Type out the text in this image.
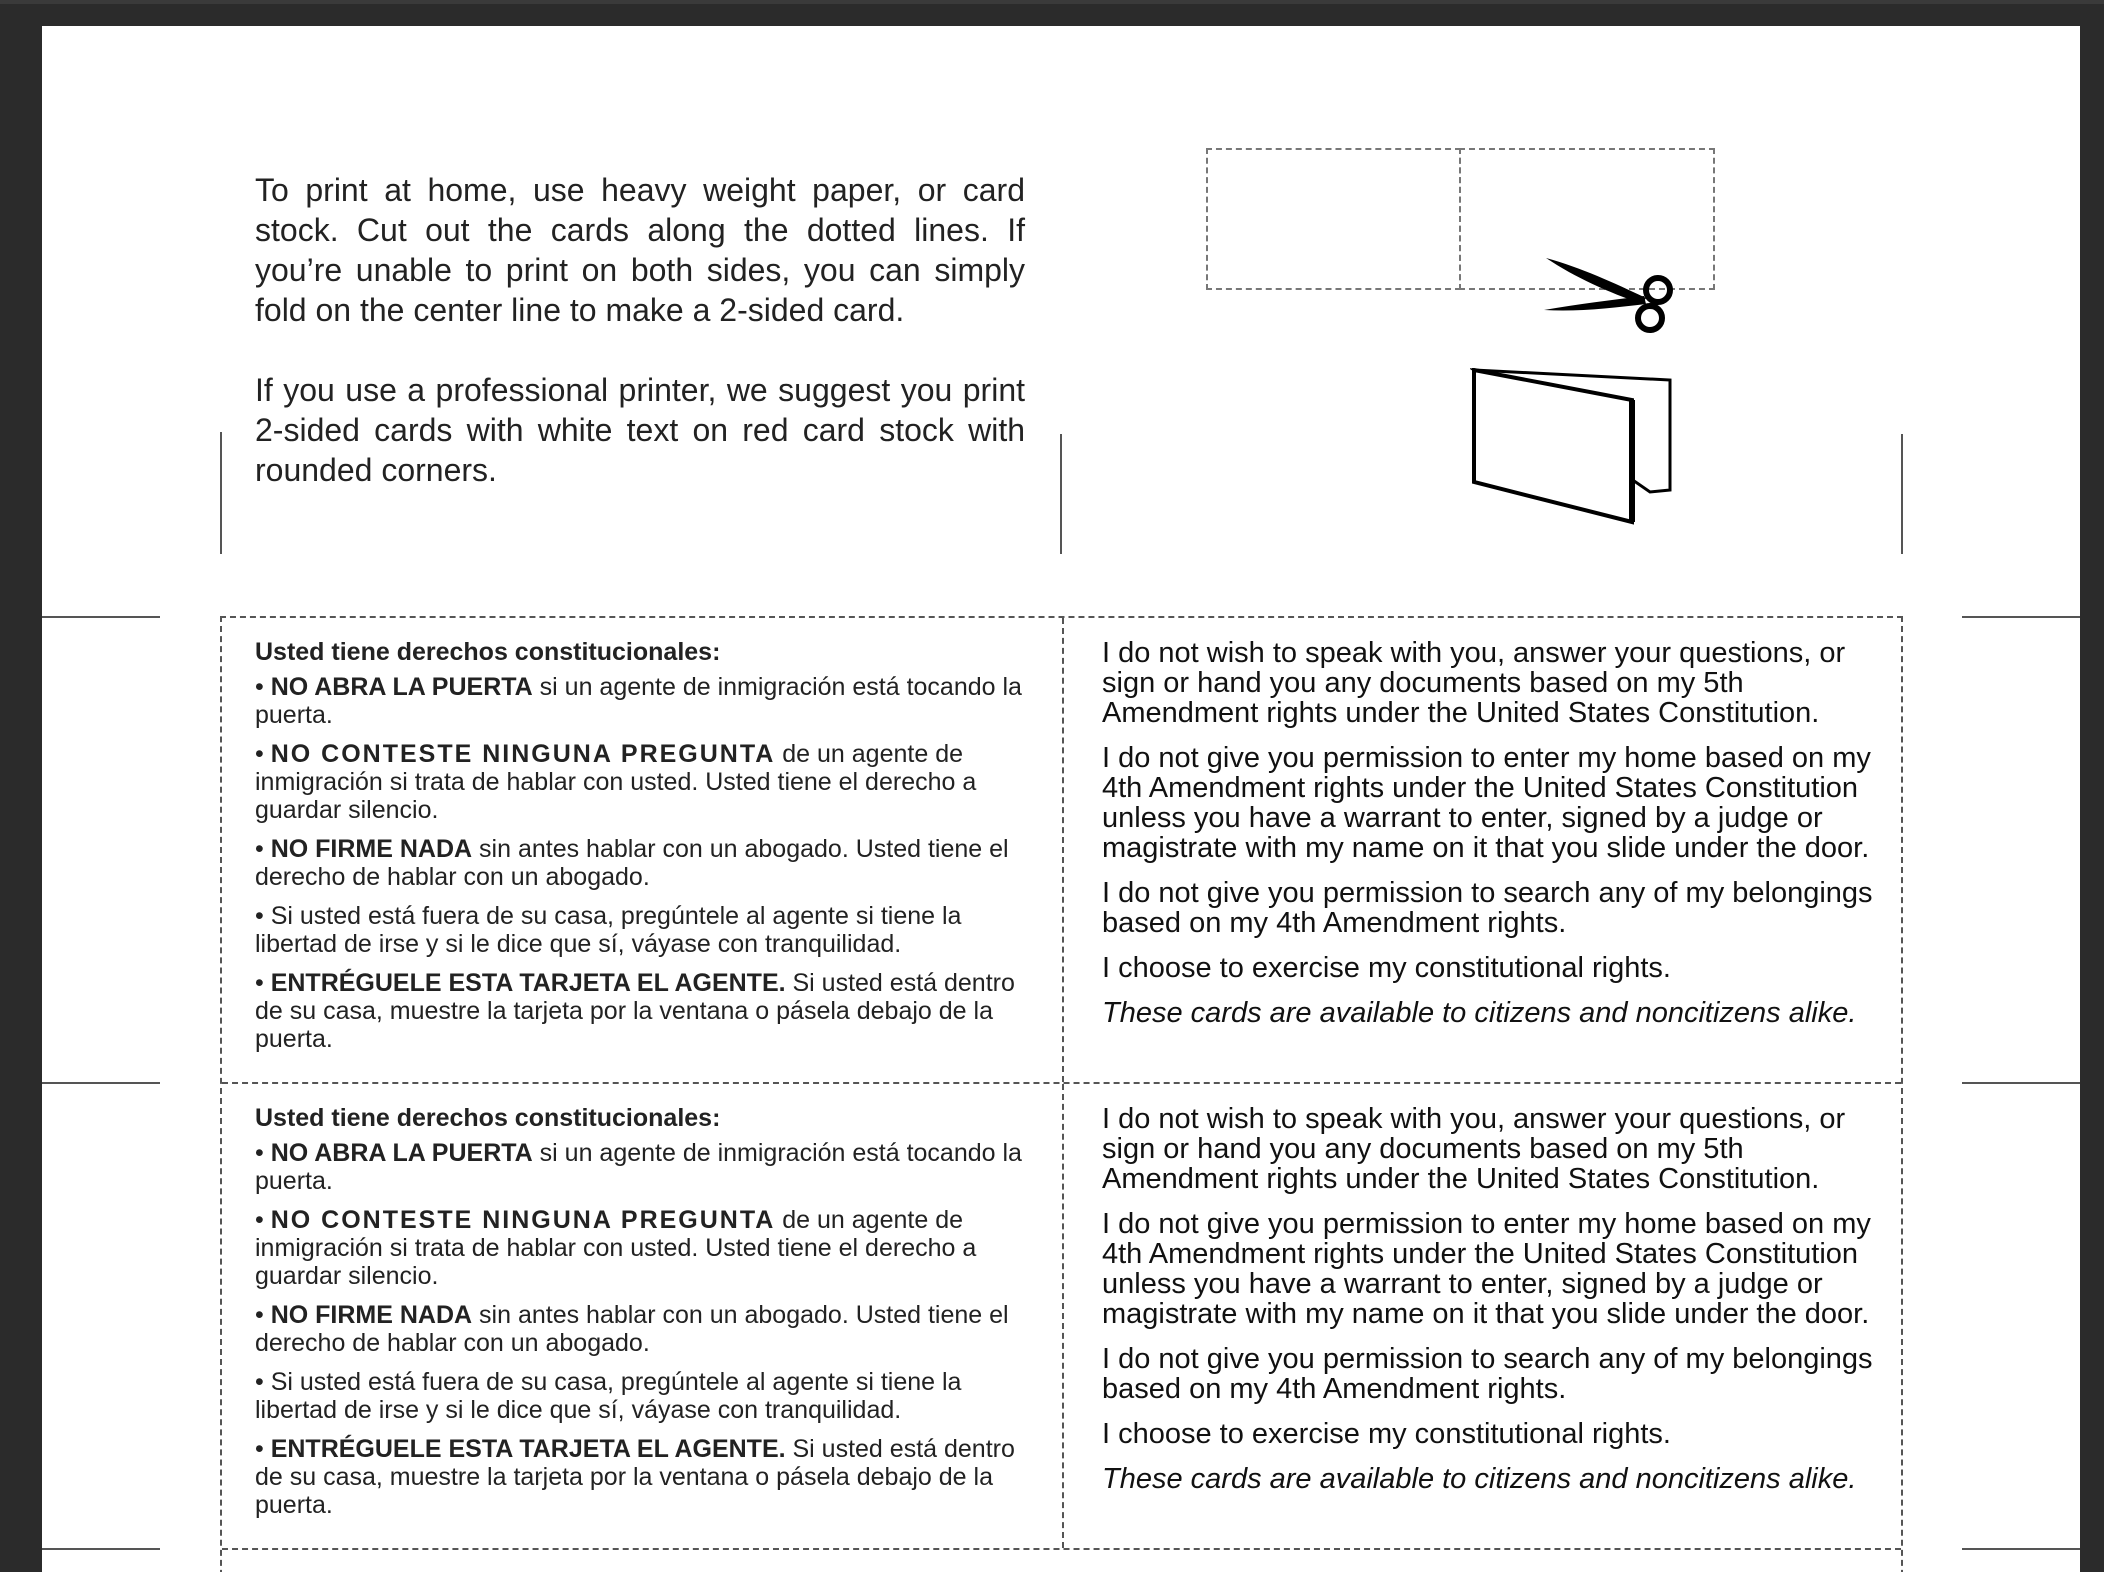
To print at home, use heavy weight paper, or card stock. Cut out the cards along the dotted lines. If you’re unable to print on both sides, you can simply fold on the center line to make a 2-sided card.

If you use a professional printer, we suggest you print 2-sided cards with white text on red card stock with rounded corners.

Usted tiene derechos constitucionales:
• NO ABRA LA PUERTA si un agente de inmigración está tocando la puerta.
• NO CONTESTE NINGUNA PREGUNTA de un agente de inmigración si trata de hablar con usted. Usted tiene el derecho a guardar silencio.
• NO FIRME NADA sin antes hablar con un abogado. Usted tiene el derecho de hablar con un abogado.
• Si usted está fuera de su casa, pregúntele al agente si tiene la libertad de irse y si le dice que sí, váyase con tranquilidad.
• ENTRÉGUELE ESTA TARJETA EL AGENTE. Si usted está dentro de su casa, muestre la tarjeta por la ventana o pásela debajo de la puerta.

I do not wish to speak with you, answer your questions, or sign or hand you any documents based on my 5th Amendment rights under the United States Constitution.

I do not give you permission to enter my home based on my 4th Amendment rights under the United States Constitution unless you have a warrant to enter, signed by a judge or magistrate with my name on it that you slide under the door.

I do not give you permission to search any of my belongings based on my 4th Amendment rights.

I choose to exercise my constitutional rights.

These cards are available to citizens and noncitizens alike.

Usted tiene derechos constitucionales:
• NO ABRA LA PUERTA si un agente de inmigración está tocando la puerta.
• NO CONTESTE NINGUNA PREGUNTA de un agente de inmigración si trata de hablar con usted. Usted tiene el derecho a guardar silencio.
• NO FIRME NADA sin antes hablar con un abogado. Usted tiene el derecho de hablar con un abogado.
• Si usted está fuera de su casa, pregúntele al agente si tiene la libertad de irse y si le dice que sí, váyase con tranquilidad.
• ENTRÉGUELE ESTA TARJETA EL AGENTE. Si usted está dentro de su casa, muestre la tarjeta por la ventana o pásela debajo de la puerta.

I do not wish to speak with you, answer your questions, or sign or hand you any documents based on my 5th Amendment rights under the United States Constitution.

I do not give you permission to enter my home based on my 4th Amendment rights under the United States Constitution unless you have a warrant to enter, signed by a judge or magistrate with my name on it that you slide under the door.

I do not give you permission to search any of my belongings based on my 4th Amendment rights.

I choose to exercise my constitutional rights.

These cards are available to citizens and noncitizens alike.
